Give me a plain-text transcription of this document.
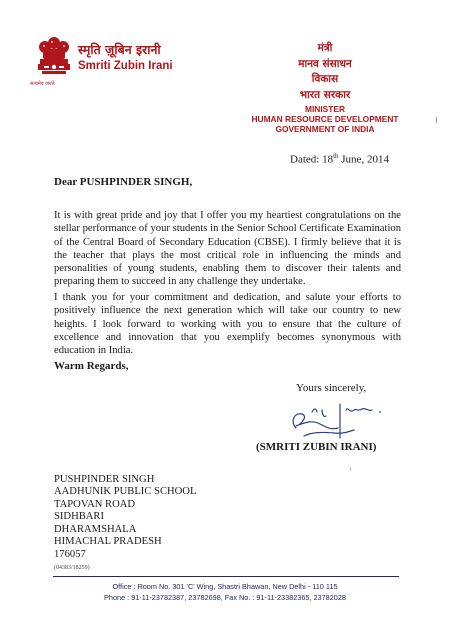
सत्यमेव जयते
स्मृति ज़ूबिन इरानी
Smriti Zubin Irani
मंत्री
मानव संसाधन
विकास
भारत सरकार
MINISTER
HUMAN RESOURCE DEVELOPMENT
GOVERNMENT OF INDIA
Dated: 18th June, 2014
Dear PUSHPINDER SINGH,
It is with great pride and joy that I offer you my heartiest congratulations on the stellar performance of your students in the Senior School Certificate Examination of the Central Board of Secondary Education (CBSE). I firmly believe that it is the teacher that plays the most critical role in influencing the minds and personalities of young students, enabling them to discover their talents and preparing them to succeed in any challenge they undertake.
I thank you for your commitment and dedication, and salute your efforts to positively influence the next generation which will take our country to new heights. I look forward to working with you to ensure that the culture of excellence and innovation that you exemplify becomes synonymous with education in India.
Warm Regards,
Yours sincerely,
(SMRITI ZUBIN IRANI)
PUSHPINDER SINGH
AADHUNIK PUBLIC SCHOOL
TAPOVAN ROAD
SIDHBARI
DHARAMSHALA
HIMACHAL PRADESH
176057
(04383/18259)
Office : Room No. 301 'C' Wing, Shastri Bhawan, New Delhi - 110 115
Phone : 91-11-23782387, 23782698, Fax No. : 91-11-23382365, 23782028
